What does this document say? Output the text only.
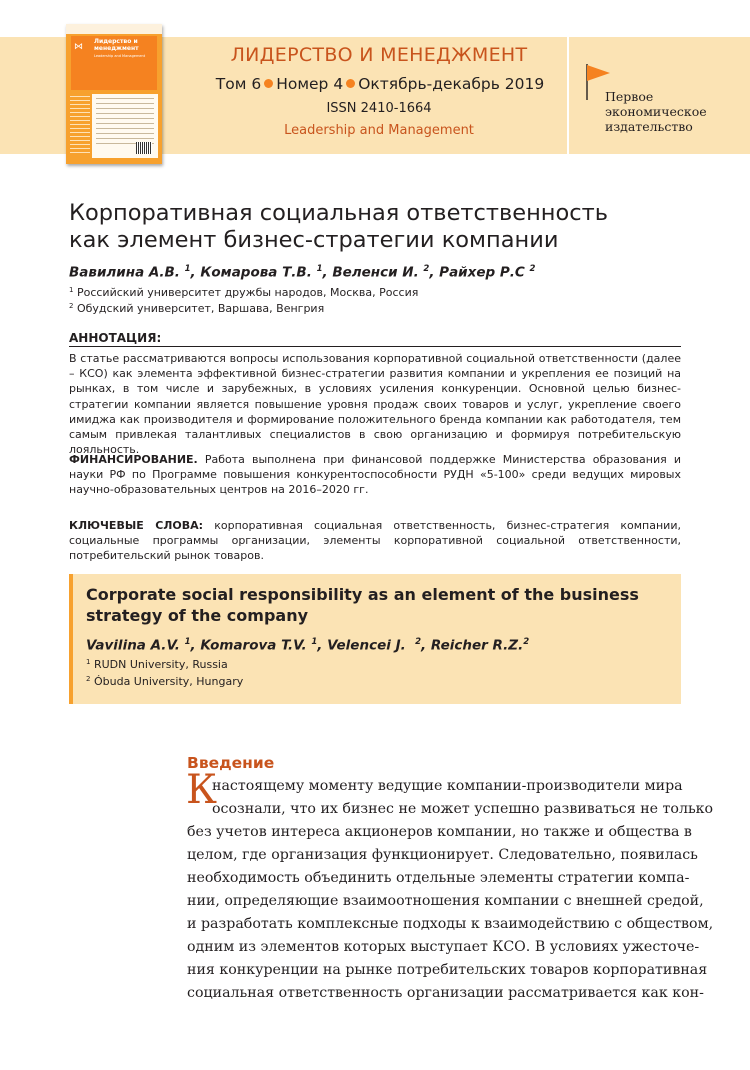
⋈
Лидерство и менеджмент
Leadership and Management	ЛИДЕРСТВО И МЕНЕДЖМЕНТ
Том 6 Номер 4 Октябрь-декабрь 2019
ISSN 2410-1664
Leadership and Management
Первое
экономическое
издательство
Корпоративная социальная ответственность
как элемент бизнес-стратегии компании
Вавилина А.В. $^1$, Комарова Т.В. $^1$, Веленси И. $^2$, Райхер Р.С $^2$
$^1$ Российский университет дружбы народов, Москва, Россия
$^2$ Обудский университет, Варшава, Венгрия
АННОТАЦИЯ:
В статье рассматриваются вопросы использования корпоративной социальной ответственности (далее – КСО) как элемента эффективной бизнес-стратегии развития компании и укрепления ее позиций на рынках, в том числе и зарубежных, в условиях усиления конкуренции. Основной целью бизнес-стратегии компании является повышение уровня продаж своих товаров и услуг, укрепление своего имиджа как производителя и формирование положительного бренда компании как работодателя, тем самым привлекая талантливых специалистов в свою организацию и формируя потребительскую лояльность.
ФИНАНСИРОВАНИЕ. Работа выполнена при финансовой поддержке Министерства образования и науки РФ по Программе повышения конкурентоспособности РУДН «5-100» среди ведущих мировых научно-образовательных центров на 2016–2020 гг.
КЛЮЧЕВЫЕ СЛОВА: корпоративная социальная ответственность, бизнес-стратегия компании, социальные программы организации, элементы корпоративной социальной ответственности, потребительский рынок товаров.
Corporate social responsibility as an element of the business
strategy of the company
Vavilina A.V. $^1$, Komarova T.V. $^1$, Velencei J.  $^2$, Reicher R.Z.$^2$
$^1$ RUDN University, Russia
$^2$ Óbuda University, Hungary
Введение
К
настоящему моменту ведущие компании-производители мира
осознали, что их бизнес не может успешно развиваться не только
без учетов интереса акционеров компании, но также и общества в
целом, где организация функционирует. Следовательно, появилась
необходимость объединить отдельные элементы стратегии компа-
нии, определяющие взаимоотношения компании с внешней средой,
и разработать комплексные подходы к взаимодействию с обществом,
одним из элементов которых выступает КСО. В условиях ужесточе-
ния конкуренции на рынке потребительских товаров корпоративная
социальная ответственность организации рассматривается как кон-
